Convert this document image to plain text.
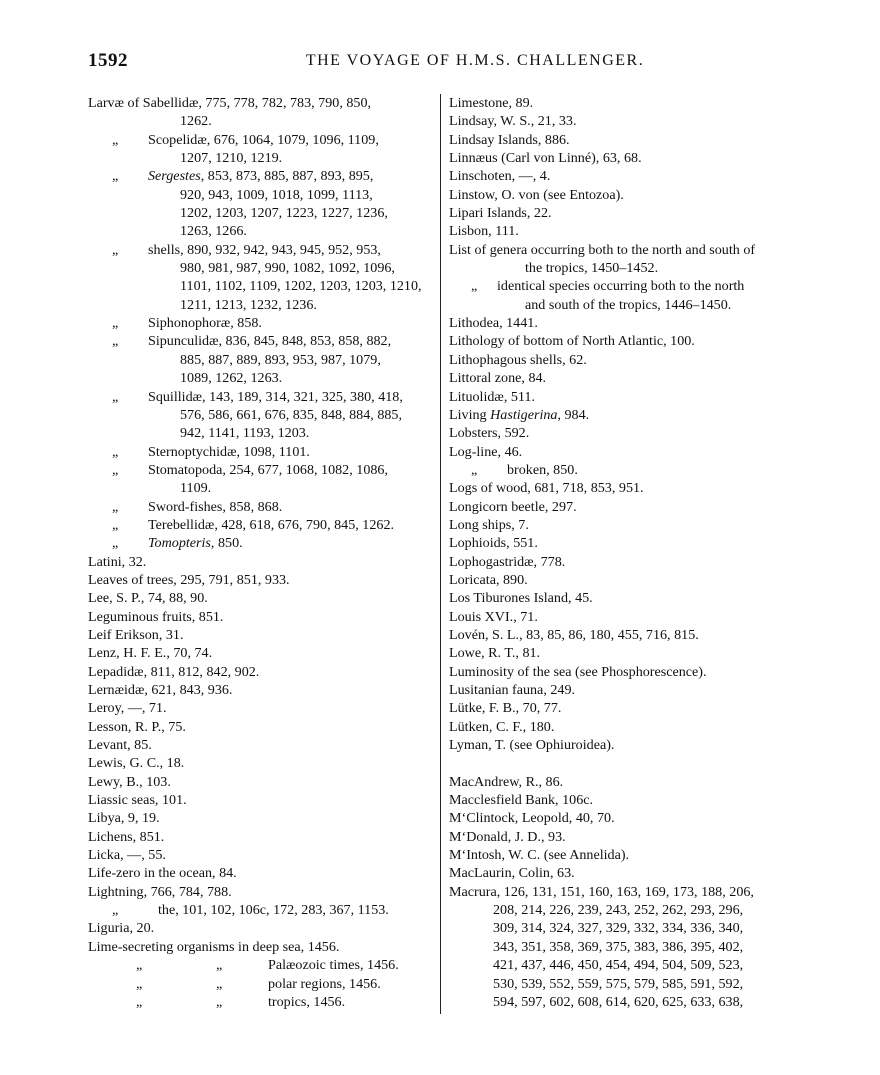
1592	THE VOYAGE OF H.M.S. CHALLENGER.
Larvæ of Sabellidæ, 775, 778, 782, 783, 790, 850,
1262.
„ Scopelidæ, 676, 1064, 1079, 1096, 1109,
1207, 1210, 1219.
„ Sergestes, 853, 873, 885, 887, 893, 895,
920, 943, 1009, 1018, 1099, 1113,
1202, 1203, 1207, 1223, 1227, 1236,
1263, 1266.
„ shells, 890, 932, 942, 943, 945, 952, 953,
980, 981, 987, 990, 1082, 1092, 1096,
1101, 1102, 1109, 1202, 1203, 1203, 1210,
1211, 1213, 1232, 1236.
„ Siphonophoræ, 858.
„ Sipunculidæ, 836, 845, 848, 853, 858, 882,
885, 887, 889, 893, 953, 987, 1079,
1089, 1262, 1263.
„ Squillidæ, 143, 189, 314, 321, 325, 380, 418,
576, 586, 661, 676, 835, 848, 884, 885,
942, 1141, 1193, 1203.
„ Sternoptychidæ, 1098, 1101.
„ Stomatopoda, 254, 677, 1068, 1082, 1086,
1109.
„ Sword-fishes, 858, 868.
„ Terebellidæ, 428, 618, 676, 790, 845, 1262.
„ Tomopteris, 850.
Latini, 32.
Leaves of trees, 295, 791, 851, 933.
Lee, S. P., 74, 88, 90.
Leguminous fruits, 851.
Leif Erikson, 31.
Lenz, H. F. E., 70, 74.
Lepadidæ, 811, 812, 842, 902.
Lernæidæ, 621, 843, 936.
Leroy, —, 71.
Lesson, R. P., 75.
Levant, 85.
Lewis, G. C., 18.
Lewy, B., 103.
Liassic seas, 101.
Libya, 9, 19.
Lichens, 851.
Licka, —, 55.
Life-zero in the ocean, 84.
Lightning, 766, 784, 788.
„	the, 101, 102, 106c, 172, 283, 367, 1153.
Liguria, 20.
Lime-secreting organisms in deep sea, 1456.
„	„	Palæozoic times, 1456.
„	„	polar regions, 1456.
„	„	tropics, 1456.
Limestone, 89.
Lindsay, W. S., 21, 33.
Lindsay Islands, 886.
Linnæus (Carl von Linné), 63, 68.
Linschoten, —, 4.
Linstow, O. von (see Entozoa).
Lipari Islands, 22.
Lisbon, 111.
List of genera occurring both to the north and south of
the tropics, 1450–1452.
„ identical species occurring both to the north
and south of the tropics, 1446–1450.
Lithodea, 1441.
Lithology of bottom of North Atlantic, 100.
Lithophagous shells, 62.
Littoral zone, 84.
Lituolidæ, 511.
Living Hastigerina, 984.
Lobsters, 592.
Log-line, 46.
„ broken, 850.
Logs of wood, 681, 718, 853, 951.
Longicorn beetle, 297.
Long ships, 7.
Lophioids, 551.
Lophogastridæ, 778.
Loricata, 890.
Los Tiburones Island, 45.
Louis XVI., 71.
Lovén, S. L., 83, 85, 86, 180, 455, 716, 815.
Lowe, R. T., 81.
Luminosity of the sea (see Phosphorescence).
Lusitanian fauna, 249.
Lütke, F. B., 70, 77.
Lütken, C. F., 180.
Lyman, T. (see Ophiuroidea).
MacAndrew, R., 86.
Macclesfield Bank, 106c.
M‘Clintock, Leopold, 40, 70.
M‘Donald, J. D., 93.
M‘Intosh, W. C. (see Annelida).
MacLaurin, Colin, 63.
Macrura, 126, 131, 151, 160, 163, 169, 173, 188, 206,
208, 214, 226, 239, 243, 252, 262, 293, 296,
309, 314, 324, 327, 329, 332, 334, 336, 340,
343, 351, 358, 369, 375, 383, 386, 395, 402,
421, 437, 446, 450, 454, 494, 504, 509, 523,
530, 539, 552, 559, 575, 579, 585, 591, 592,
594, 597, 602, 608, 614, 620, 625, 633, 638,
